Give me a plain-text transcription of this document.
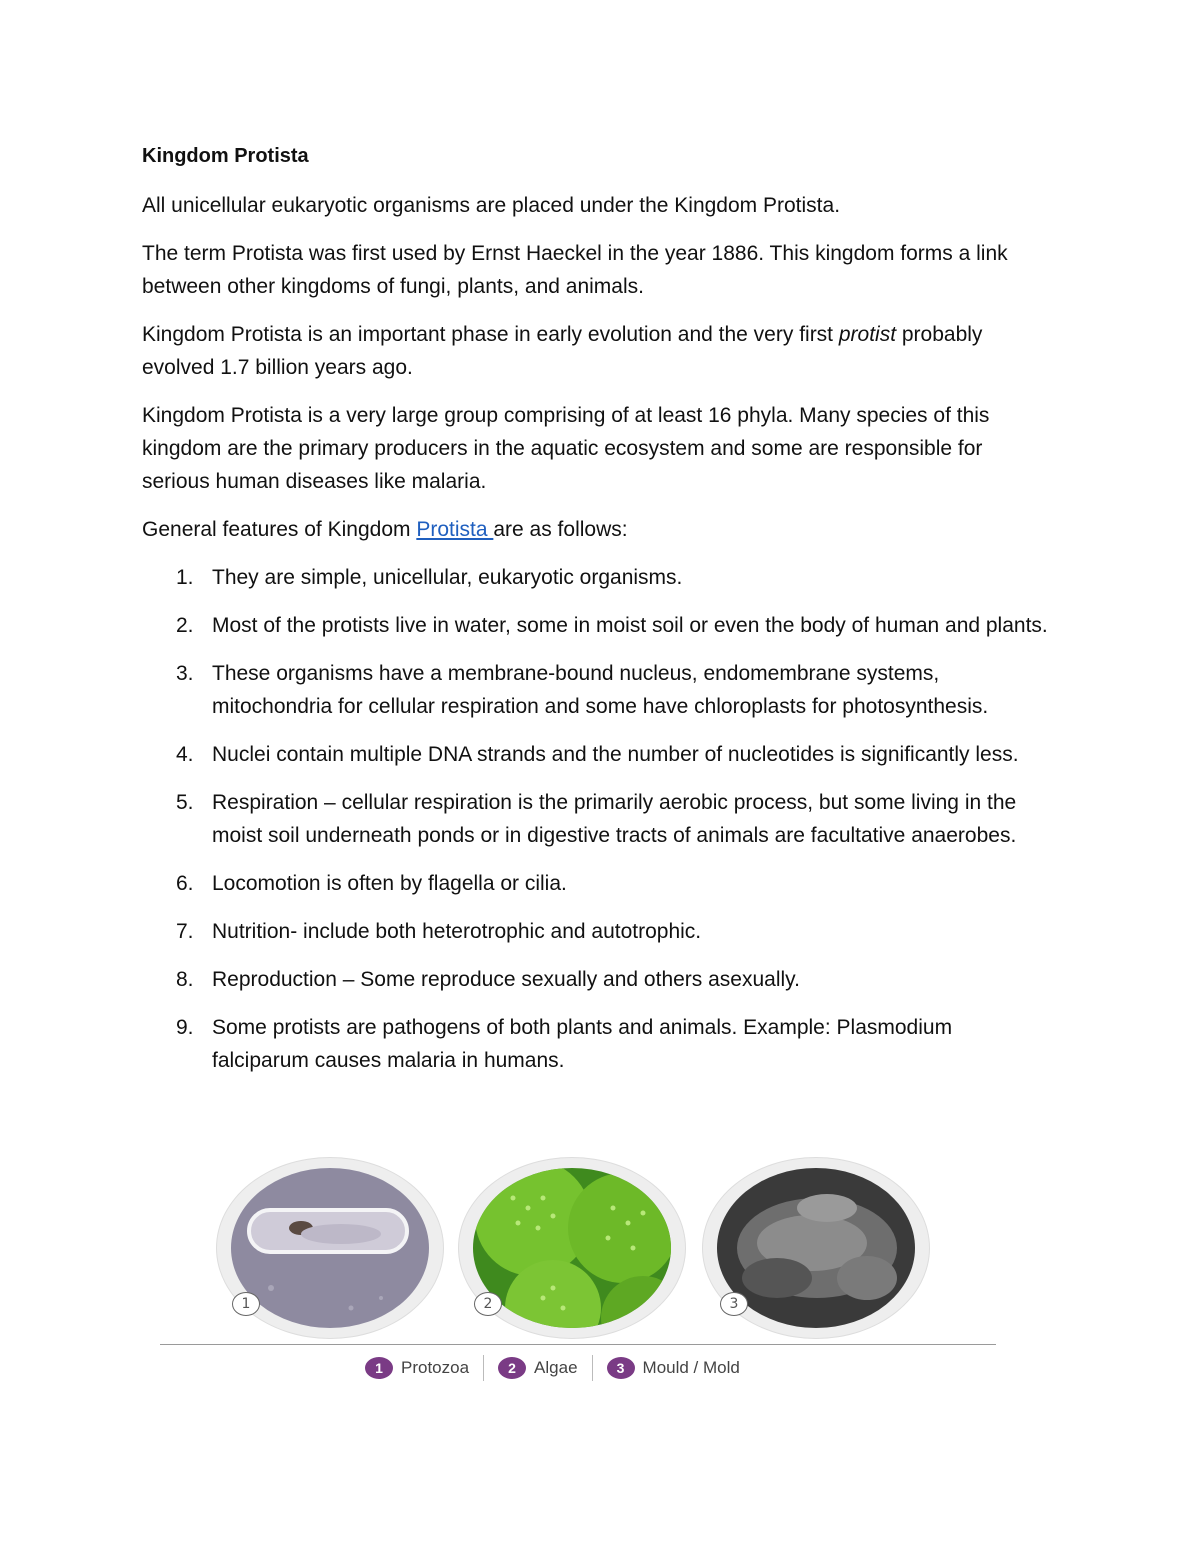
Kingdom Protista

All unicellular eukaryotic organisms are placed under the Kingdom Protista.

The term Protista was first used by Ernst Haeckel in the year 1886. This kingdom forms a link between other kingdoms of fungi, plants, and animals.

Kingdom Protista is an important phase in early evolution and the very first protist probably evolved 1.7 billion years ago.

Kingdom Protista is a very large group comprising of at least 16 phyla. Many species of this kingdom are the primary producers in the aquatic ecosystem and some are responsible for serious human diseases like malaria.

General features of Kingdom Protista are as follows:

1. They are simple, unicellular, eukaryotic organisms.
2. Most of the protists live in water, some in moist soil or even the body of human and plants.
3. These organisms have a membrane-bound nucleus, endomembrane systems, mitochondria for cellular respiration and some have chloroplasts for photosynthesis.
4. Nuclei contain multiple DNA strands and the number of nucleotides is significantly less.
5. Respiration – cellular respiration is the primarily aerobic process, but some living in the moist soil underneath ponds or in digestive tracts of animals are facultative anaerobes.
6. Locomotion is often by flagella or cilia.
7. Nutrition- include both heterotrophic and autotrophic.
8. Reproduction – Some reproduce sexually and others asexually.
9. Some protists are pathogens of both plants and animals. Example: Plasmodium falciparum causes malaria in humans.
1	2	3
1	Protozoa	2	Algae	3	Mould / Mold
